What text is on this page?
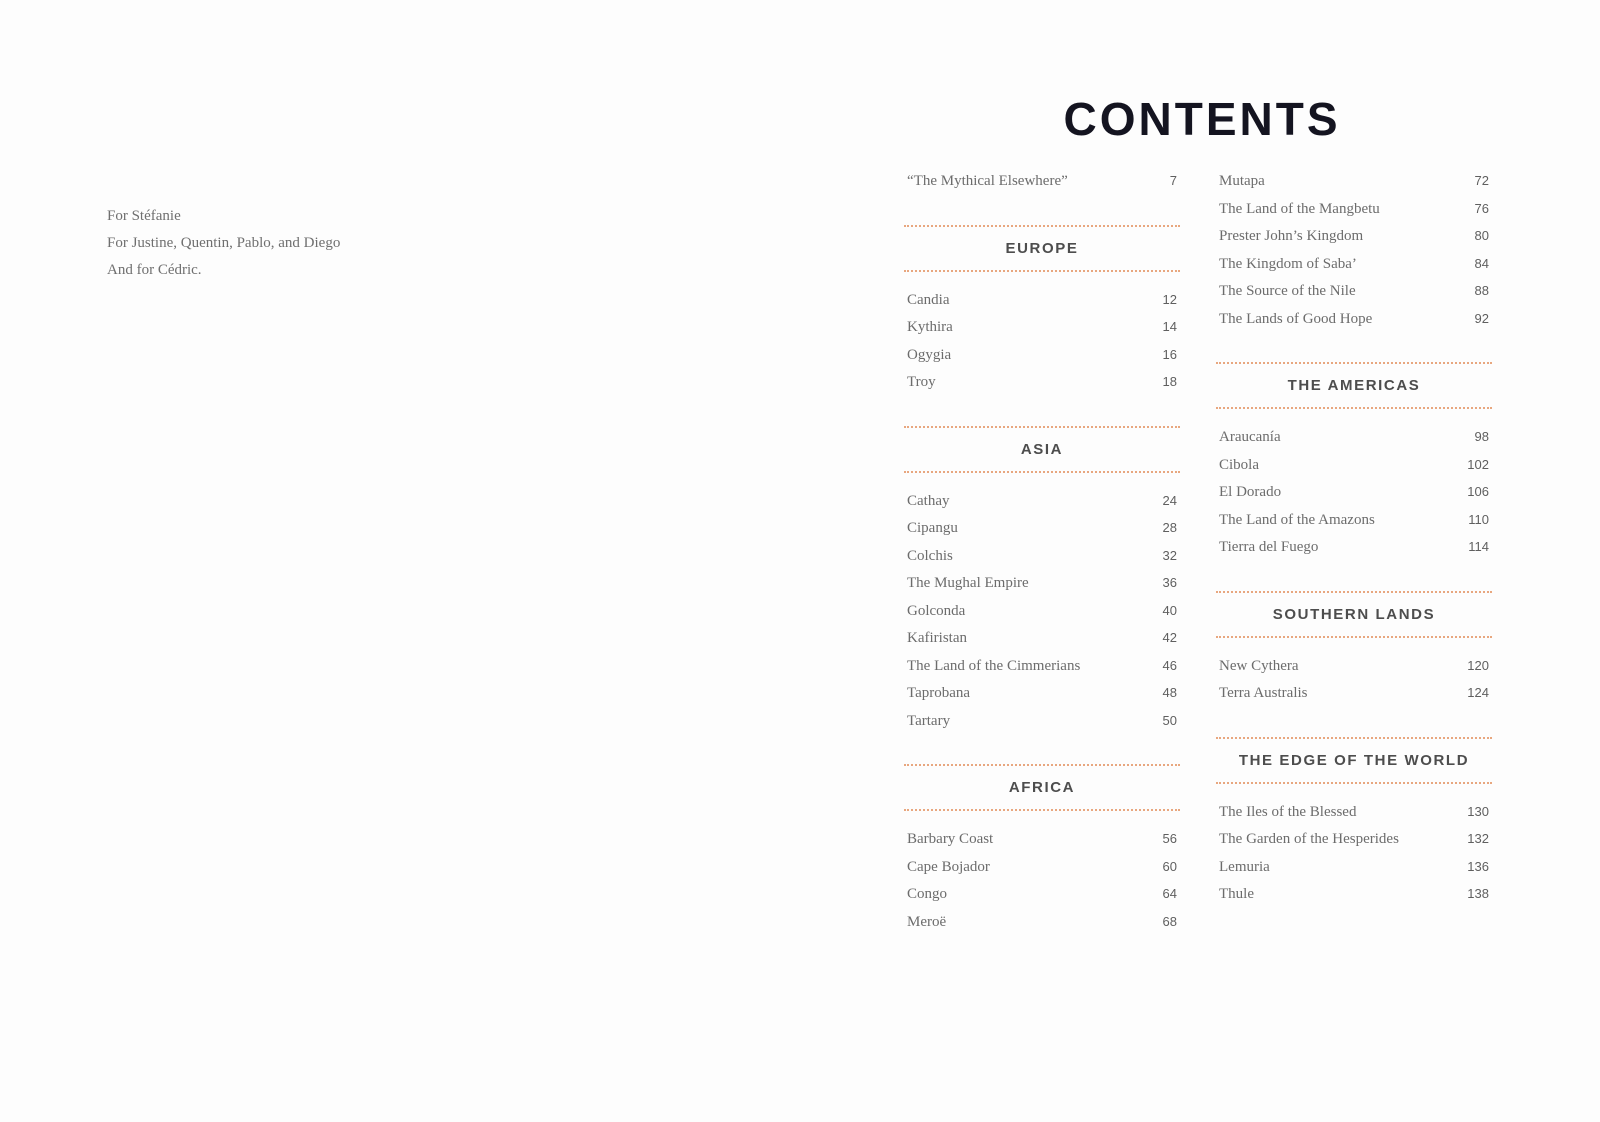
For Stéfanie
For Justine, Quentin, Pablo, and Diego
And for Cédric.
CONTENTS
“The Mythical Elsewhere”	7
EUROPE
Candia	12
Kythira	14
Ogygia	16
Troy	18
ASIA
Cathay	24
Cipangu	28
Colchis	32
The Mughal Empire	36
Golconda	40
Kafiristan	42
The Land of the Cimmerians	46
Taprobana	48
Tartary	50
AFRICA
Barbary Coast	56
Cape Bojador	60
Congo	64
Meroë	68
Mutapa	72
The Land of the Mangbetu	76
Prester John’s Kingdom	80
The Kingdom of Saba’	84
The Source of the Nile	88
The Lands of Good Hope	92
THE AMERICAS
Araucanía	98
Cibola	102
El Dorado	106
The Land of the Amazons	110
Tierra del Fuego	114
SOUTHERN LANDS
New Cythera	120
Terra Australis	124
THE EDGE OF THE WORLD
The Iles of the Blessed	130
The Garden of the Hesperides	132
Lemuria	136
Thule	138
